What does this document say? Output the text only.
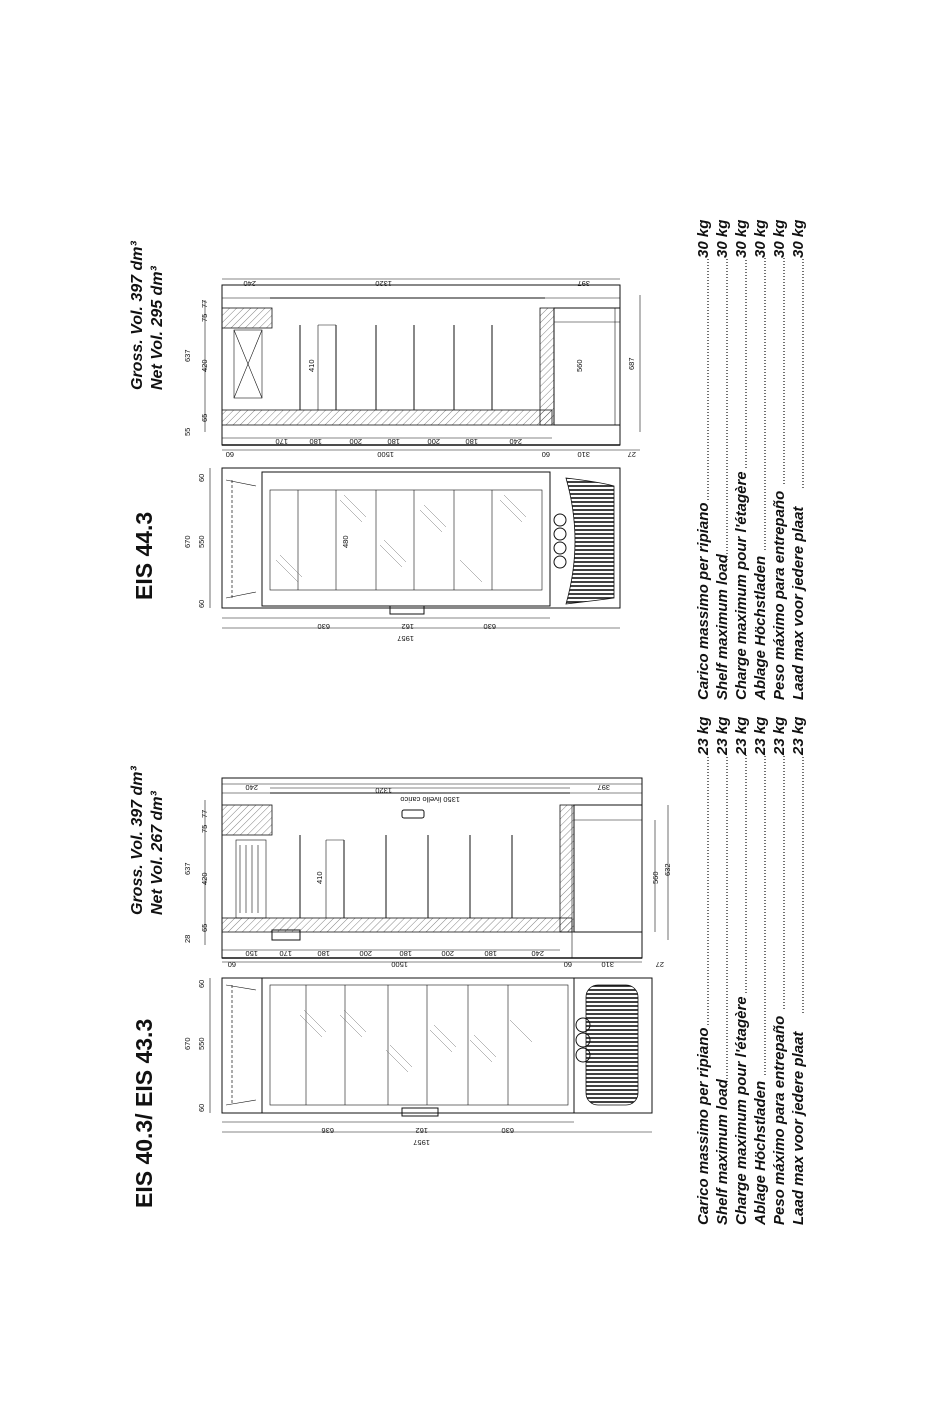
EIS 40.3/ EIS 43.3
Gross. Vol. 397 dm³ Net Vol. 267 dm³
1320
240	397
1350 livello carico
77
75
637
420
65
28
410	560
632
150	170	180	200	180	200	180	240
1500
60	60	310	27
670 550
60
60
636	162	630
1957	Carico massimo per ripiano
23 kg
Shelf maximum load
23 kg
Charge maximum pour l'étagère
23 kg
Ablage Höchstladen
23 kg
Peso máximo para entrepaño
23 kg
Laad max voor jedere plaat
23 kg
EIS 44.3
Gross. Vol. 397 dm³ Net Vol. 295 dm³	1320
240	397
77
75
637
420
65
55
410	560	687
170	180	200	180	200	180	240
1500
60	60	310	27
670 550
60
60
480
630	162	630
1957	Carico massimo per ripiano
30 kg
Shelf maximum load
30 kg
Charge maximum pour l'étagère
30 kg
Ablage Höchstladen
30 kg
Peso máximo para entrepaño
30 kg
Laad max voor jedere plaat
30 kg
